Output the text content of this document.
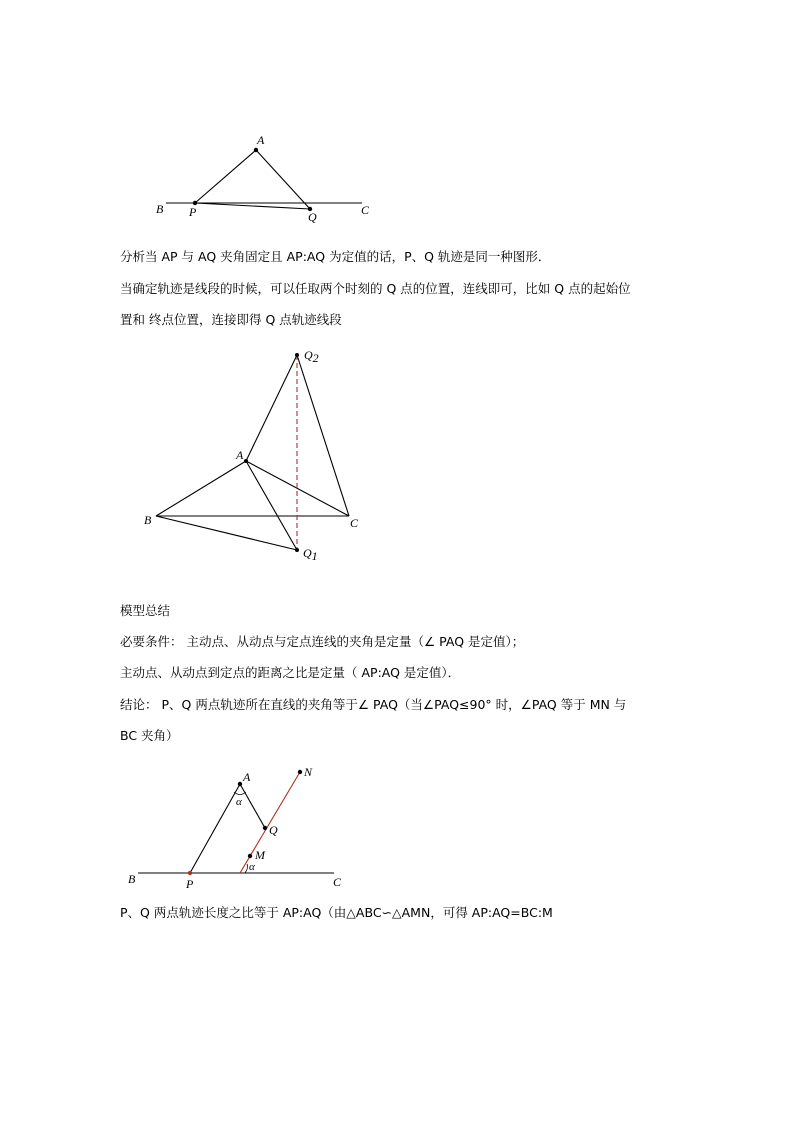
A
B P	Q	C
分析当 AP 与 AQ 夹角固定且 AP:AQ 为定值的话，P、Q 轨迹是同一种图形．
当确定轨迹是线段的时候，可以任取两个时刻的 Q 点的位置，连线即可，比如 Q 点的起始位
置和 终点位置，连接即得 Q 点轨迹线段
Q2
A
B	C
Q1
模型总结
必要条件： 主动点、从动点与定点连线的夹角是定量（∠ PAQ 是定值）；
主动点、从动点到定点的距离之比是定量（ AP:AQ 是定值）．
结论： P、Q 两点轨迹所在直线的夹角等于∠ PAQ（当∠PAQ≤90° 时，∠PAQ 等于 MN 与
BC 夹角）
A	N
α
Q
M
α
B	P	C
P、Q 两点轨迹长度之比等于 AP:AQ（由△ABC∽△AMN，可得 AP:AQ=BC:M
